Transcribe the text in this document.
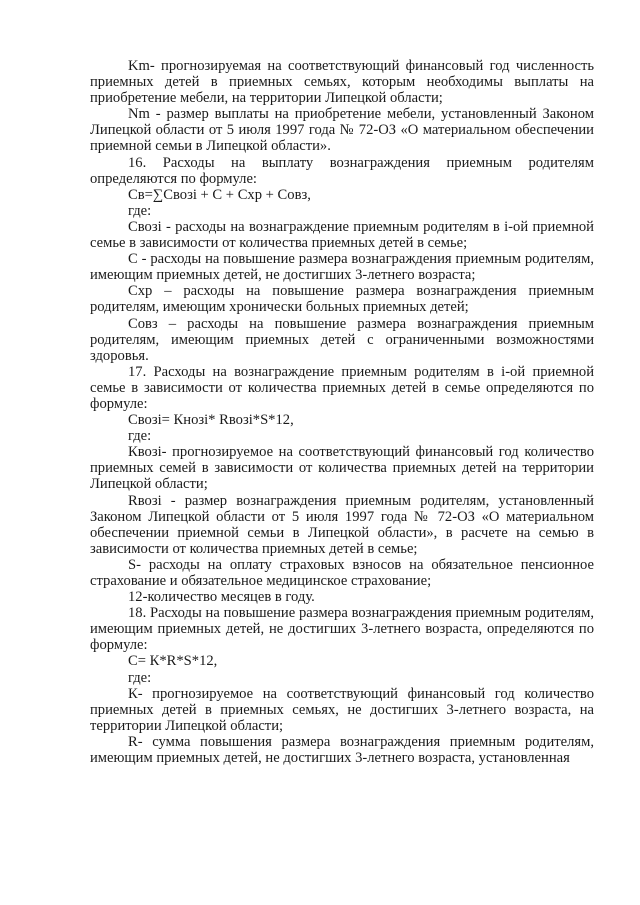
Km- прогнозируемая на соответствующий финансовый год численность приемных детей в приемных семьях, которым необходимы выплаты на приобретение мебели, на территории Липецкой области;

Nm - размер выплаты на приобретение мебели, установленный Законом Липецкой области от 5 июля 1997 года № 72-ОЗ «О материальном обеспечении приемной семьи в Липецкой области».

16. Расходы на выплату вознаграждения приемным родителям определяются по формуле:

Св=∑Свозі + С + Схр + Совз,

где:

Свозі - расходы на вознаграждение приемным родителям в i-ой приемной семье в зависимости от количества приемных детей в семье;

С - расходы на повышение размера вознаграждения приемным родителям, имеющим приемных детей, не достигших 3-летнего возраста;

Схр – расходы на повышение размера вознаграждения приемным родителям, имеющим хронически больных приемных детей;

Совз – расходы на повышение размера вознаграждения приемным родителям, имеющим приемных детей с ограниченными возможностями здоровья.

17. Расходы на вознаграждение приемным родителям в i-ой приемной семье в зависимости от количества приемных детей в семье определяются по формуле:

Свозі= Кнозі* Rвозі*S*12,

где:

Квозі- прогнозируемое на соответствующий финансовый год количество приемных семей в зависимости от количества приемных детей на территории Липецкой области;

Rвозі - размер вознаграждения приемным родителям, установленный Законом Липецкой области от 5 июля 1997 года № 72-ОЗ «О материальном обеспечении приемной семьи в Липецкой области», в расчете на семью в зависимости от количества приемных детей в семье;

S- расходы на оплату страховых взносов на обязательное пенсионное страхование и обязательное медицинское страхование;

12-количество месяцев в году.

18. Расходы на повышение размера вознаграждения приемным родителям, имеющим приемных детей, не достигших 3-летнего возраста, определяются по формуле:

С= К*R*S*12,

где:

К- прогнозируемое на соответствующий финансовый год количество приемных детей в приемных семьях, не достигших 3-летнего возраста, на территории Липецкой области;

R- сумма повышения размера вознаграждения приемным родителям, имеющим приемных детей, не достигших 3-летнего возраста, установленная
